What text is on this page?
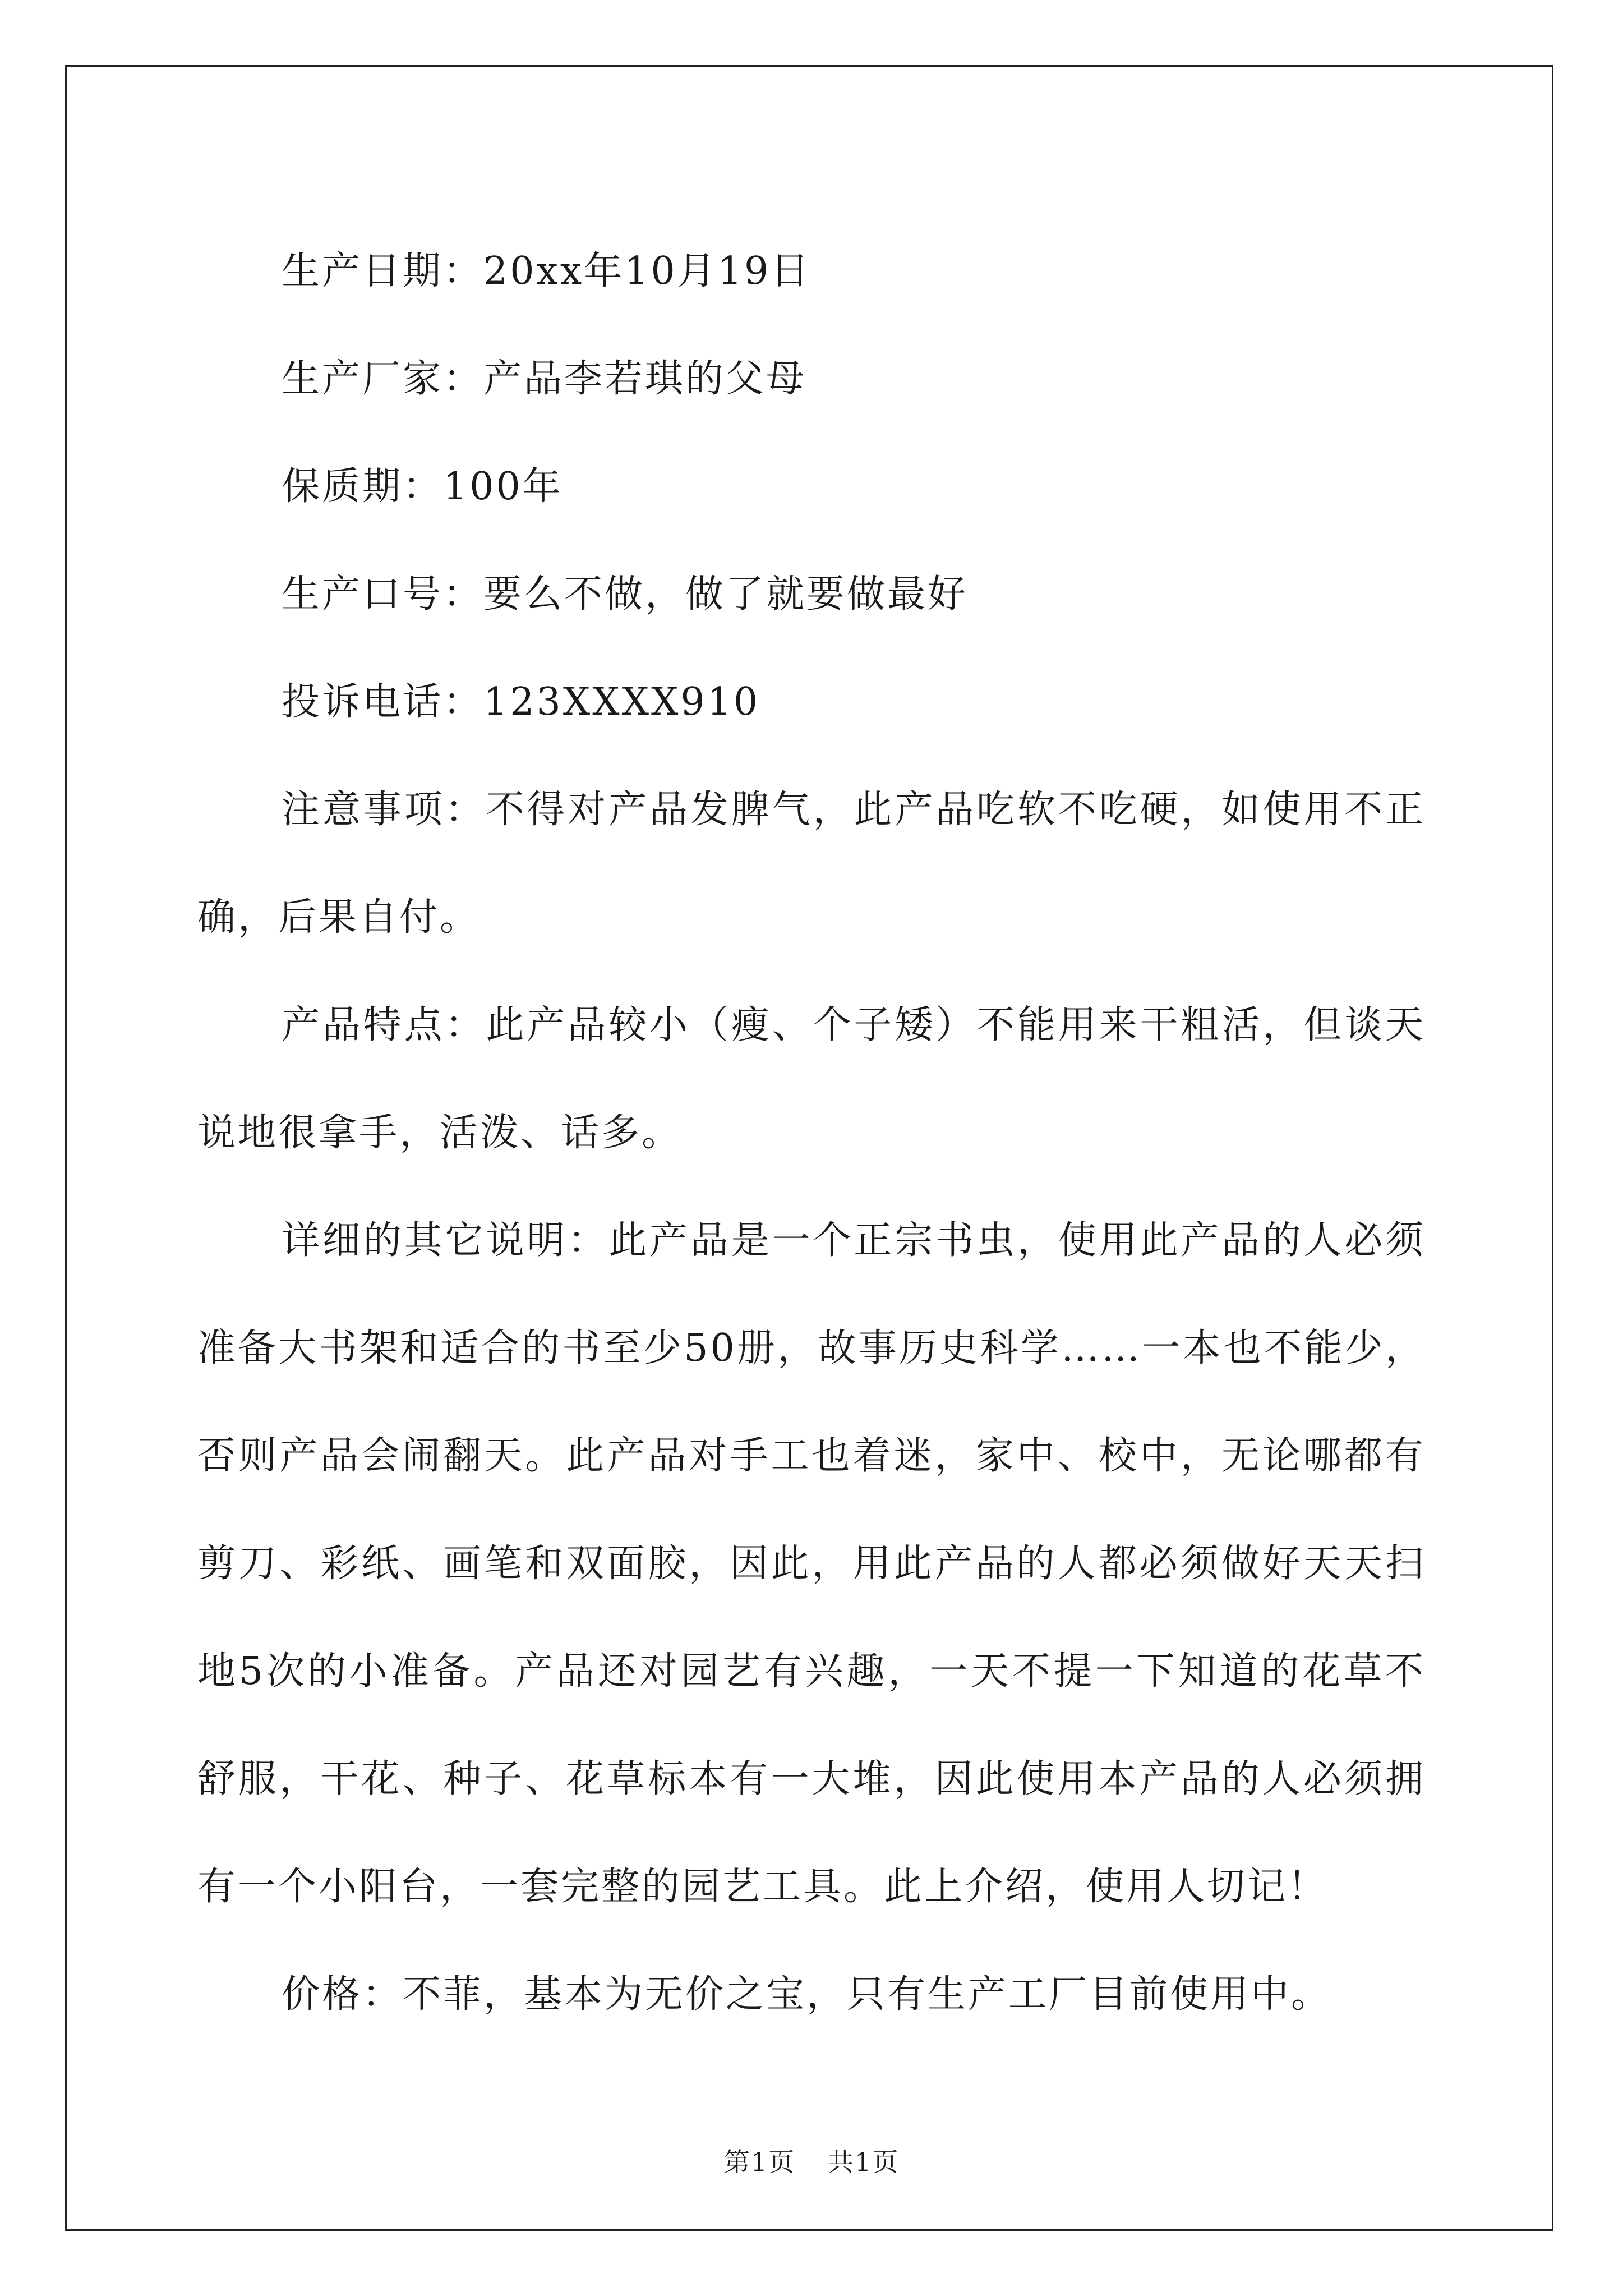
生产日期：20xx年10月19日

生产厂家：产品李若琪的父母

保质期：100年

生产口号：要么不做，做了就要做最好

投诉电话：123XXXX910

注意事项：不得对产品发脾气，此产品吃软不吃硬，如使用不正确，后果自付。

产品特点：此产品较小（瘦、个子矮）不能用来干粗活，但谈天说地很拿手，活泼、话多。

详细的其它说明：此产品是一个正宗书虫，使用此产品的人必须准备大书架和适合的书至少50册，故事历史科学……一本也不能少，否则产品会闹翻天。此产品对手工也着迷，家中、校中，无论哪都有剪刀、彩纸、画笔和双面胶，因此，用此产品的人都必须做好天天扫地5次的小准备。产品还对园艺有兴趣，一天不提一下知道的花草不舒服，干花、种子、花草标本有一大堆，因此使用本产品的人必须拥有一个小阳台，一套完整的园艺工具。此上介绍，使用人切记！

价格：不菲，基本为无价之宝，只有生产工厂目前使用中。

第1页 共1页
